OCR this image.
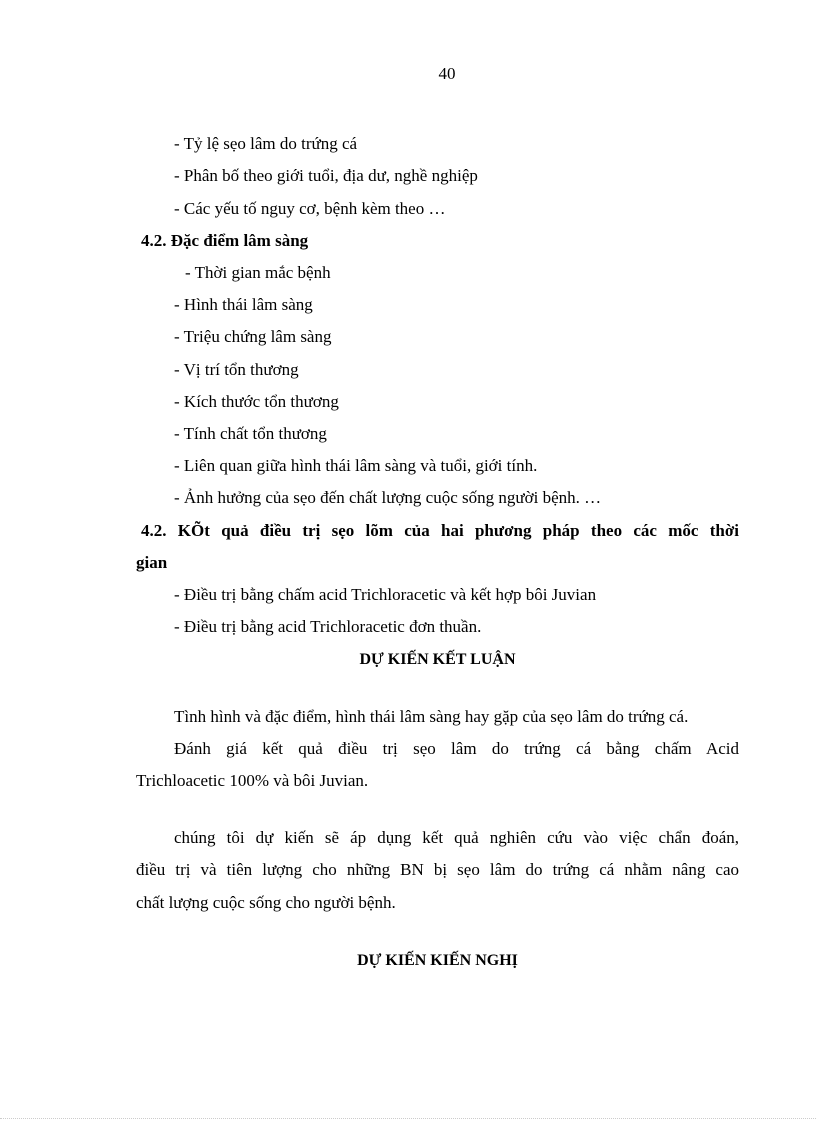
40
- Tỷ lệ sẹo lâm do trứng cá
- Phân bố theo giới tuổi, địa dư, nghề nghiệp
- Các yếu tố nguy cơ, bệnh kèm theo …
4.2. Đặc điểm lâm sàng
- Thời gian mắc bệnh
- Hình thái lâm sàng
- Triệu chứng lâm sàng
- Vị trí tổn thương
- Kích thước tổn thương
- Tính chất tổn thương
- Liên quan giữa hình thái lâm sàng và tuổi, giới tính.
- Ảnh hưởng của sẹo đến chất lượng cuộc sống người bệnh. …
4.2. KÕt quả điều trị sẹo lõm của hai phương pháp theo các mốc thời
gian
- Điều trị bằng chấm acid Trichloracetic và kết hợp bôi Juvian
- Điều trị bằng acid Trichloracetic đơn thuần.
DỰ KIẾN KẾT LUẬN
Tình hình và đặc điểm, hình thái lâm sàng hay gặp của sẹo lâm do trứng cá.
Đánh giá kết quả điều trị sẹo lâm do trứng cá bằng chấm Acid
Trichloacetic 100% và bôi Juvian.
chúng tôi dự kiến sẽ áp dụng kết quả nghiên cứu vào việc chẩn đoán,
điều trị và tiên lượng cho những BN bị sẹo lâm do trứng cá nhằm nâng cao
chất lượng cuộc sống cho người bệnh.
DỰ KIẾN KIẾN NGHỊ
